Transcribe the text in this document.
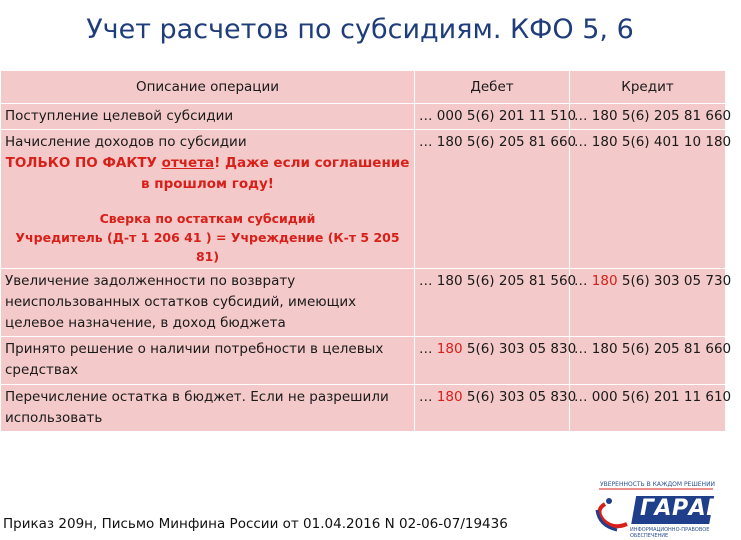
Учет расчетов по субсидиям. КФО 5, 6
Описание операции	Дебет	Кредит
Поступление целевой субсидии	… 000 5(6) 201 11 510	… 180 5(6) 205 81 660

Начисление доходов по субсидии
ТОЛЬКО ПО ФАКТУ отчета! Даже если соглашение в прошлом году!
Сверка по остаткам субсидий
Учредитель (Д-т 1 206 41 ) = Учреждение (К-т 5 205 81)	… 180 5(6) 205 81 660	… 180 5(6) 401 10 180
Увеличение задолженности по возврату неиспользованных остатков субсидий, имеющих целевое назначение, в доход бюджета	… 180 5(6) 205 81 560	… 180 5(6) 303 05 730
Принято решение о наличии потребности в целевых средствах	… 180 5(6) 303 05 830	… 180 5(6) 205 81 660
Перечисление остатка в бюджет. Если не разрешили использовать	… 180 5(6) 303 05 830	… 000 5(6) 201 11 610
Приказ 209н, Письмо Минфина России от 01.04.2016 N 02-06-07/19436
УВЕРЕННОСТЬ В КАЖДОМ РЕШЕНИИ
ГАРАНТ
ИНФОРМАЦИОННО-ПРАВОВОЕ ОБЕСПЕЧЕНИЕ
